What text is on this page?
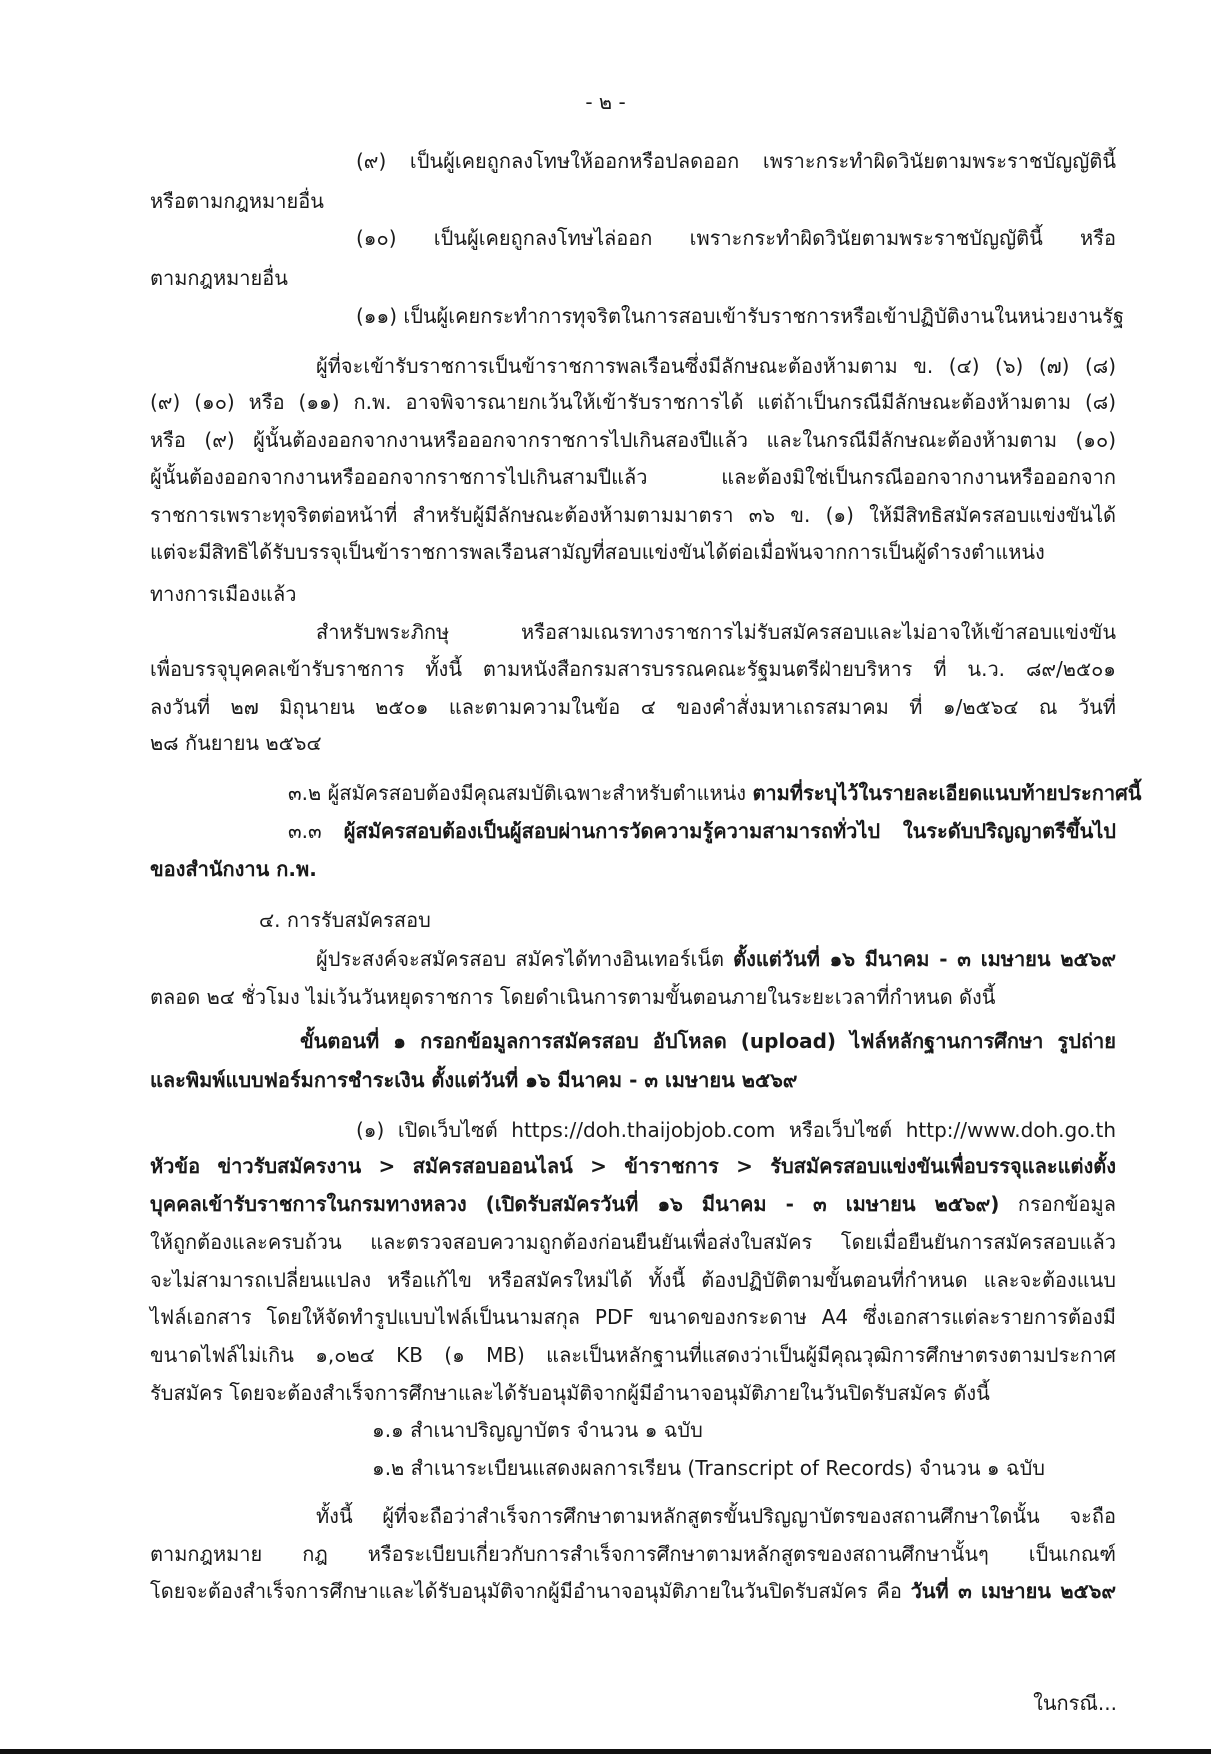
- ๒ -
(๙) เป็นผู้เคยถูกลงโทษให้ออกหรือปลดออก เพราะกระทำผิดวินัยตามพระราชบัญญัตินี้
หรือตามกฎหมายอื่น
(๑๐) เป็นผู้เคยถูกลงโทษไล่ออก เพราะกระทำผิดวินัยตามพระราชบัญญัตินี้ หรือ
ตามกฎหมายอื่น
(๑๑) เป็นผู้เคยกระทำการทุจริตในการสอบเข้ารับราชการหรือเข้าปฏิบัติงานในหน่วยงานรัฐ
ผู้ที่จะเข้ารับราชการเป็นข้าราชการพลเรือนซึ่งมีลักษณะต้องห้ามตาม ข. (๔) (๖) (๗) (๘)
(๙) (๑๐) หรือ (๑๑) ก.พ. อาจพิจารณายกเว้นให้เข้ารับราชการได้ แต่ถ้าเป็นกรณีมีลักษณะต้องห้ามตาม (๘)
หรือ (๙) ผู้นั้นต้องออกจากงานหรือออกจากราชการไปเกินสองปีแล้ว และในกรณีมีลักษณะต้องห้ามตาม (๑๐)
ผู้นั้นต้องออกจากงานหรือออกจากราชการไปเกินสามปีแล้ว และต้องมิใช่เป็นกรณีออกจากงานหรือออกจาก
ราชการเพราะทุจริตต่อหน้าที่ สำหรับผู้มีลักษณะต้องห้ามตามมาตรา ๓๖ ข. (๑) ให้มีสิทธิสมัครสอบแข่งขันได้
แต่จะมีสิทธิได้รับบรรจุเป็นข้าราชการพลเรือนสามัญที่สอบแข่งขันได้ต่อเมื่อพ้นจากการเป็นผู้ดำรงตำแหน่ง
ทางการเมืองแล้ว
สำหรับพระภิกษุ หรือสามเณรทางราชการไม่รับสมัครสอบและไม่อาจให้เข้าสอบแข่งขัน
เพื่อบรรจุบุคคลเข้ารับราชการ ทั้งนี้ ตามหนังสือกรมสารบรรณคณะรัฐมนตรีฝ่ายบริหาร ที่ น.ว. ๘๙/๒๕๐๑
ลงวันที่ ๒๗ มิถุนายน ๒๕๐๑ และตามความในข้อ ๔ ของคำสั่งมหาเถรสมาคม ที่ ๑/๒๕๖๔ ณ วันที่
๒๘ กันยายน ๒๕๖๔
๓.๒ ผู้สมัครสอบต้องมีคุณสมบัติเฉพาะสำหรับตำแหน่ง ตามที่ระบุไว้ในรายละเอียดแนบท้ายประกาศนี้
๓.๓ ผู้สมัครสอบต้องเป็นผู้สอบผ่านการวัดความรู้ความสามารถทั่วไป ในระดับปริญญาตรีขึ้นไป
ของสำนักงาน ก.พ.
๔. การรับสมัครสอบ
ผู้ประสงค์จะสมัครสอบ สมัครได้ทางอินเทอร์เน็ต ตั้งแต่วันที่ ๑๖ มีนาคม - ๓ เมษายน ๒๕๖๙
ตลอด ๒๔ ชั่วโมง ไม่เว้นวันหยุดราชการ โดยดำเนินการตามขั้นตอนภายในระยะเวลาที่กำหนด ดังนี้
ขั้นตอนที่ ๑ กรอกข้อมูลการสมัครสอบ อัปโหลด (upload) ไฟล์หลักฐานการศึกษา รูปถ่าย
และพิมพ์แบบฟอร์มการชำระเงิน ตั้งแต่วันที่ ๑๖ มีนาคม - ๓ เมษายน ๒๕๖๙
(๑) เปิดเว็บไซต์ https://doh.thaijobjob.com หรือเว็บไซต์ http://www.doh.go.th
หัวข้อ ข่าวรับสมัครงาน > สมัครสอบออนไลน์ > ข้าราชการ > รับสมัครสอบแข่งขันเพื่อบรรจุและแต่งตั้ง
บุคคลเข้ารับราชการในกรมทางหลวง (เปิดรับสมัครวันที่ ๑๖ มีนาคม - ๓ เมษายน ๒๕๖๙) กรอกข้อมูล
ให้ถูกต้องและครบถ้วน และตรวจสอบความถูกต้องก่อนยืนยันเพื่อส่งใบสมัคร โดยเมื่อยืนยันการสมัครสอบแล้ว
จะไม่สามารถเปลี่ยนแปลง หรือแก้ไข หรือสมัครใหม่ได้ ทั้งนี้ ต้องปฏิบัติตามขั้นตอนที่กำหนด และจะต้องแนบ
ไฟล์เอกสาร โดยให้จัดทำรูปแบบไฟล์เป็นนามสกุล PDF ขนาดของกระดาษ A4 ซึ่งเอกสารแต่ละรายการต้องมี
ขนาดไฟล์ไม่เกิน ๑,๐๒๔ KB (๑ MB) และเป็นหลักฐานที่แสดงว่าเป็นผู้มีคุณวุฒิการศึกษาตรงตามประกาศ
รับสมัคร โดยจะต้องสำเร็จการศึกษาและได้รับอนุมัติจากผู้มีอำนาจอนุมัติภายในวันปิดรับสมัคร ดังนี้
๑.๑ สำเนาปริญญาบัตร จำนวน ๑ ฉบับ
๑.๒ สำเนาระเบียนแสดงผลการเรียน (Transcript of Records) จำนวน ๑ ฉบับ
ทั้งนี้ ผู้ที่จะถือว่าสำเร็จการศึกษาตามหลักสูตรขั้นปริญญาบัตรของสถานศึกษาใดนั้น จะถือ
ตามกฎหมาย กฎ หรือระเบียบเกี่ยวกับการสำเร็จการศึกษาตามหลักสูตรของสถานศึกษานั้นๆ เป็นเกณฑ์
โดยจะต้องสำเร็จการศึกษาและได้รับอนุมัติจากผู้มีอำนาจอนุมัติภายในวันปิดรับสมัคร คือ วันที่ ๓ เมษายน ๒๕๖๙
ในกรณี...
